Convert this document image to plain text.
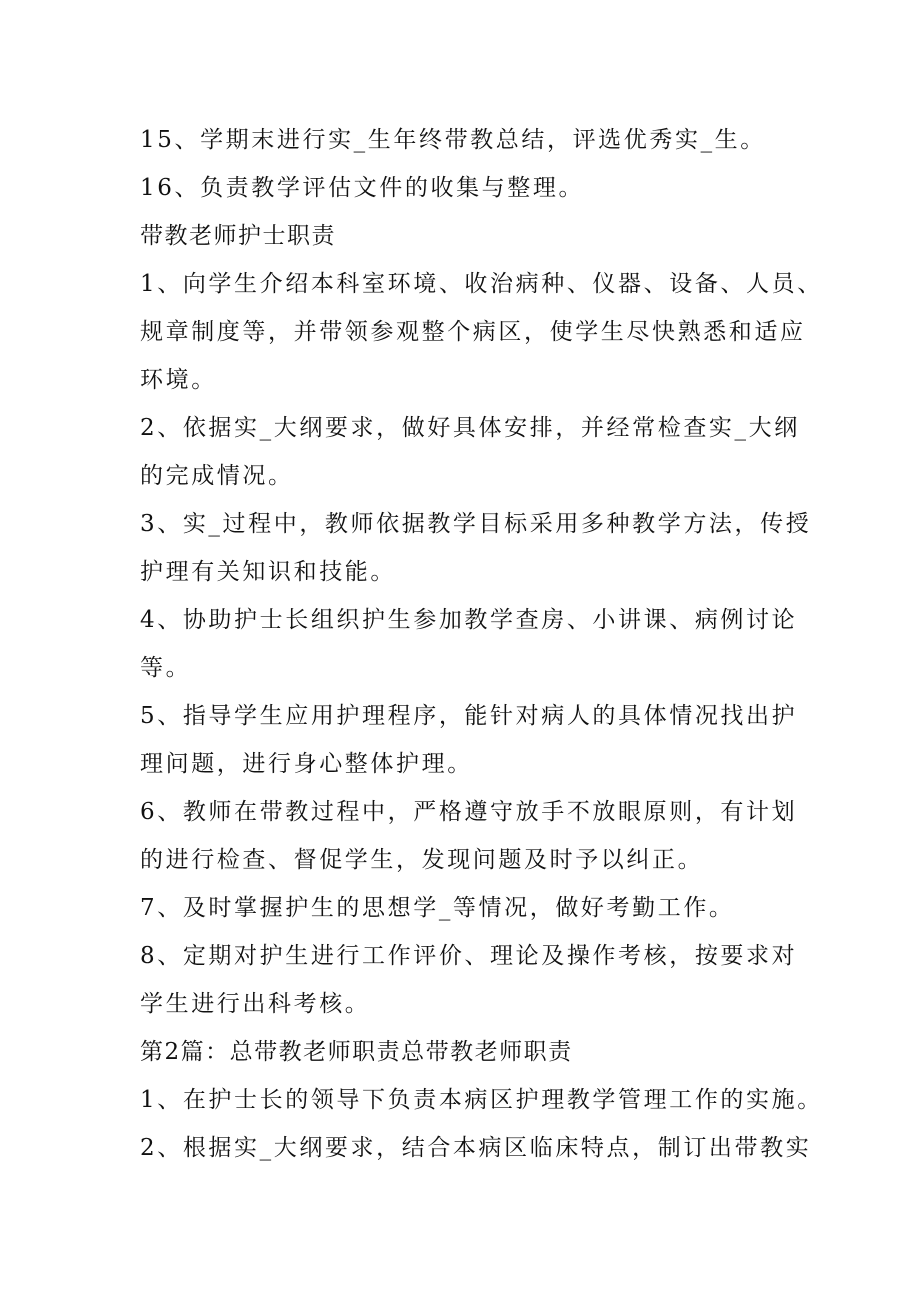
15、学期末进行实_生年终带教总结，评选优秀实_生。
16、负责教学评估文件的收集与整理。
带教老师护士职责
1、向学生介绍本科室环境、收治病种、仪器、设备、人员、
规章制度等，并带领参观整个病区，使学生尽快熟悉和适应
环境。
2、依据实_大纲要求，做好具体安排，并经常检查实_大纲
的完成情况。
3、实_过程中，教师依据教学目标采用多种教学方法，传授
护理有关知识和技能。
4、协助护士长组织护生参加教学查房、小讲课、病例讨论
等。
5、指导学生应用护理程序，能针对病人的具体情况找出护
理问题，进行身心整体护理。
6、教师在带教过程中，严格遵守放手不放眼原则，有计划
的进行检查、督促学生，发现问题及时予以纠正。
7、及时掌握护生的思想学_等情况，做好考勤工作。
8、定期对护生进行工作评价、理论及操作考核，按要求对
学生进行出科考核。
第2篇：总带教老师职责总带教老师职责
1、在护士长的领导下负责本病区护理教学管理工作的实施。
2、根据实_大纲要求，结合本病区临床特点，制订出带教实
